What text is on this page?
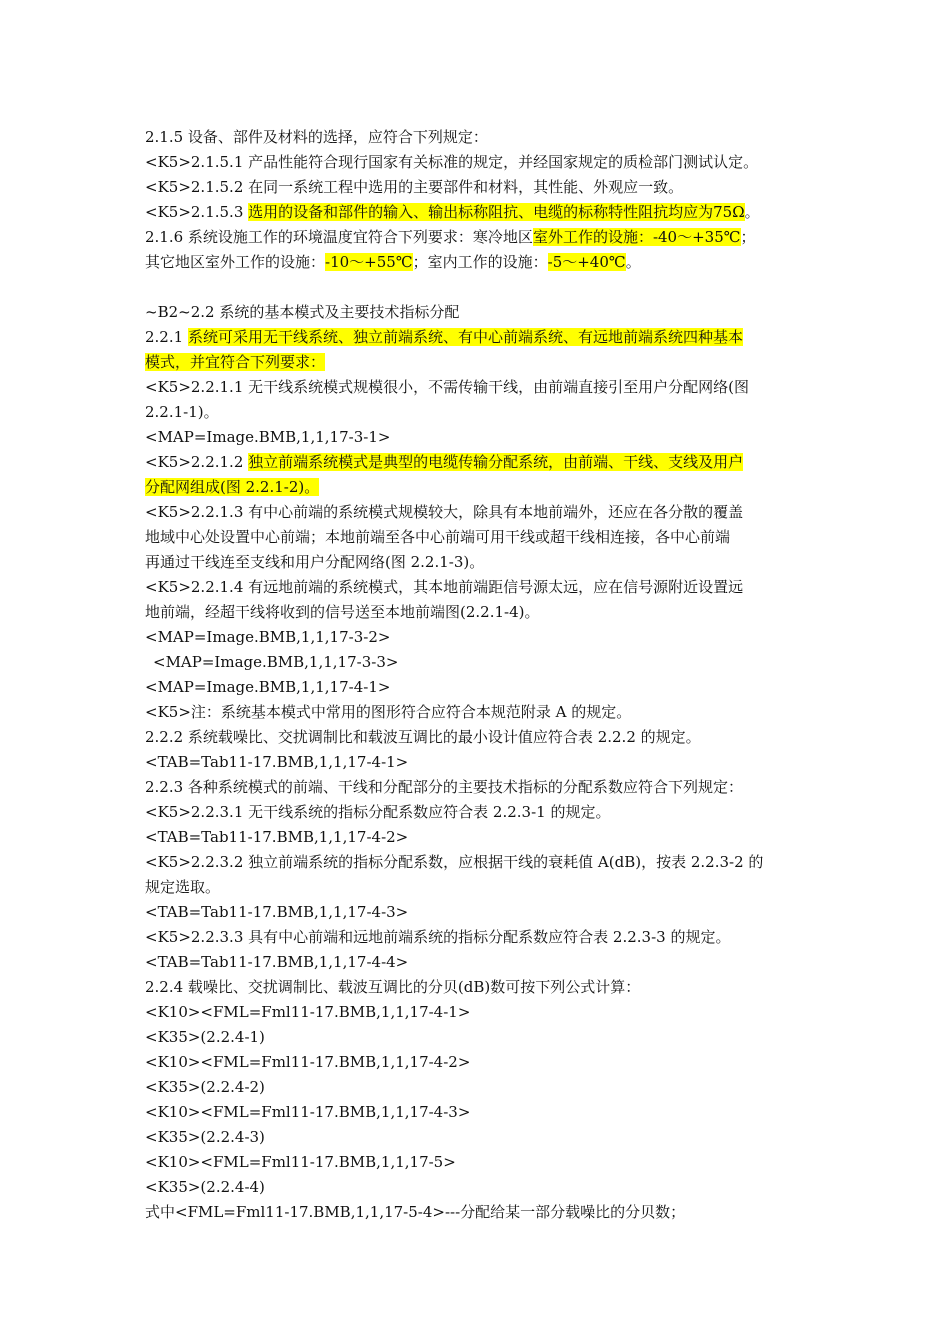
2.1.5 设备、部件及材料的选择，应符合下列规定：
<K5>2.1.5.1 产品性能符合现行国家有关标准的规定，并经国家规定的质检部门测试认定。
<K5>2.1.5.2 在同一系统工程中选用的主要部件和材料，其性能、外观应一致。
<K5>2.1.5.3 选用的设备和部件的输入、输出标称阻抗、电缆的标称特性阻抗均应为75Ω。
2.1.6 系统设施工作的环境温度宜符合下列要求：寒冷地区室外工作的设施：-40～+35℃；
其它地区室外工作的设施：-10～+55℃；室内工作的设施：-5～+40℃。
~B2~2.2 系统的基本模式及主要技术指标分配
2.2.1 系统可采用无干线系统、独立前端系统、有中心前端系统、有远地前端系统四种基本
模式，并宜符合下列要求：
<K5>2.2.1.1 无干线系统模式规模很小，不需传输干线，由前端直接引至用户分配网络(图
2.2.1-1)。
<MAP=Image.BMB,1,1,17-3-1>
<K5>2.2.1.2 独立前端系统模式是典型的电缆传输分配系统，由前端、干线、支线及用户
分配网组成(图 2.2.1-2)。
<K5>2.2.1.3 有中心前端的系统模式规模较大，除具有本地前端外，还应在各分散的覆盖
地域中心处设置中心前端；本地前端至各中心前端可用干线或超干线相连接，各中心前端
再通过干线连至支线和用户分配网络(图 2.2.1-3)。
<K5>2.2.1.4 有远地前端的系统模式，其本地前端距信号源太远，应在信号源附近设置远
地前端，经超干线将收到的信号送至本地前端图(2.2.1-4)。
<MAP=Image.BMB,1,1,17-3-2>
<MAP=Image.BMB,1,1,17-3-3>
<MAP=Image.BMB,1,1,17-4-1>
<K5>注：系统基本模式中常用的图形符合应符合本规范附录 A 的规定。
2.2.2 系统载噪比、交扰调制比和载波互调比的最小设计值应符合表 2.2.2 的规定。
<TAB=Tab11-17.BMB,1,1,17-4-1>
2.2.3 各种系统模式的前端、干线和分配部分的主要技术指标的分配系数应符合下列规定：
<K5>2.2.3.1 无干线系统的指标分配系数应符合表 2.2.3-1 的规定。
<TAB=Tab11-17.BMB,1,1,17-4-2>
<K5>2.2.3.2 独立前端系统的指标分配系数，应根据干线的衰耗值 A(dB)，按表 2.2.3-2 的
规定选取。
<TAB=Tab11-17.BMB,1,1,17-4-3>
<K5>2.2.3.3 具有中心前端和远地前端系统的指标分配系数应符合表 2.2.3-3 的规定。
<TAB=Tab11-17.BMB,1,1,17-4-4>
2.2.4 载噪比、交扰调制比、载波互调比的分贝(dB)数可按下列公式计算：
<K10><FML=Fml11-17.BMB,1,1,17-4-1>
<K35>(2.2.4-1)
<K10><FML=Fml11-17.BMB,1,1,17-4-2>
<K35>(2.2.4-2)
<K10><FML=Fml11-17.BMB,1,1,17-4-3>
<K35>(2.2.4-3)
<K10><FML=Fml11-17.BMB,1,1,17-5>
<K35>(2.2.4-4)
式中<FML=Fml11-17.BMB,1,1,17-5-4>---分配给某一部分载噪比的分贝数；
